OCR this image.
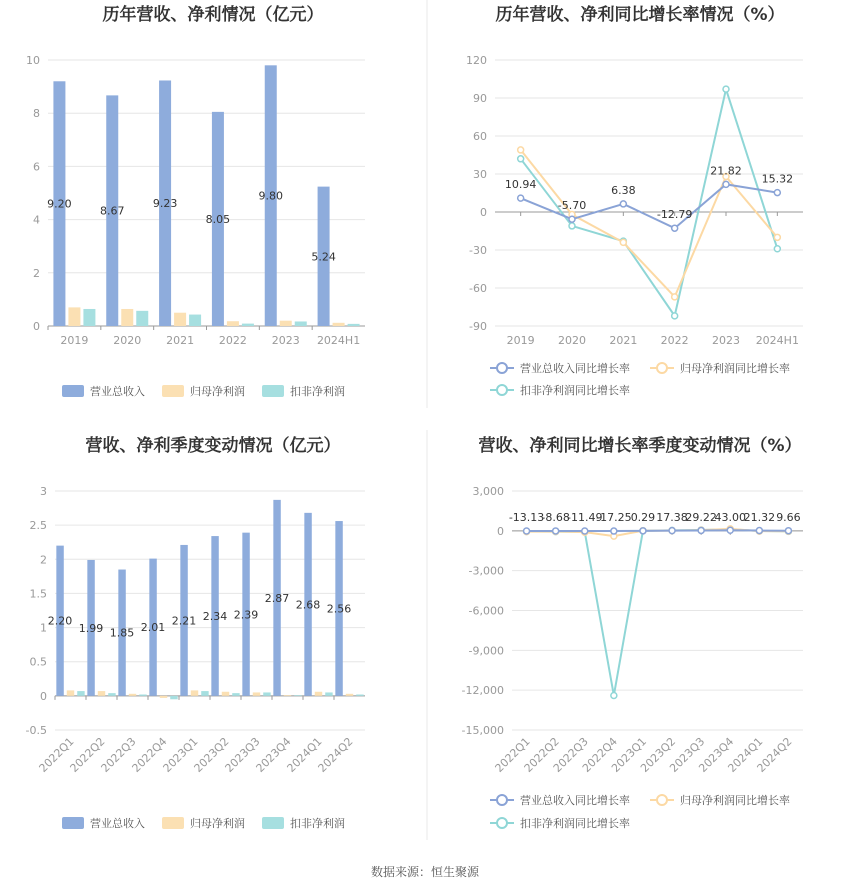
历年营收、净利情况（亿元）
0
2
4
6
8
10
2019 2020 2021 2022 2023 2024H1
9.20
8.67
9.23
8.05
9.80
5.24
营业总收入	归母净利润	扣非净利润
历年营收、净利同比增长率情况（%）
-90
-60
-30
0
30
60
90
120
2019 2020 2021 2022 2023 2024H1
10.94
-5.70
6.38
-12.79
21.82
15.32
营业总收入同比增长率	归母净利润同比增长率
扣非净利润同比增长率
营收、净利季度变动情况（亿元）
-0.5
0
0.5
1
1.5
2
2.5
3
2022Q1
2022Q2
2022Q3
2022Q4
2023Q1
2023Q2
2023Q3
2023Q4
2024Q1
2024Q2
2.20
1.99 1.85 2.01
2.21 2.34 2.39
2.87 2.68 2.56
营业总收入	归母净利润	扣非净利润
营收、净利同比增长率季度变动情况（%）
-15,000
-12,000
-9,000
-6,000
-3,000
0
3,000
2022Q1
2022Q2
2022Q3
2022Q4
2023Q1
2023Q2
2023Q3
2023Q4
2024Q1
2024Q2
-13.13
-8.68
-11.49
-17.25 0.29 17.38
29.22
43.00
21.32 9.66
营业总收入同比增长率	归母净利润同比增长率
扣非净利润同比增长率
数据来源：恒生聚源
